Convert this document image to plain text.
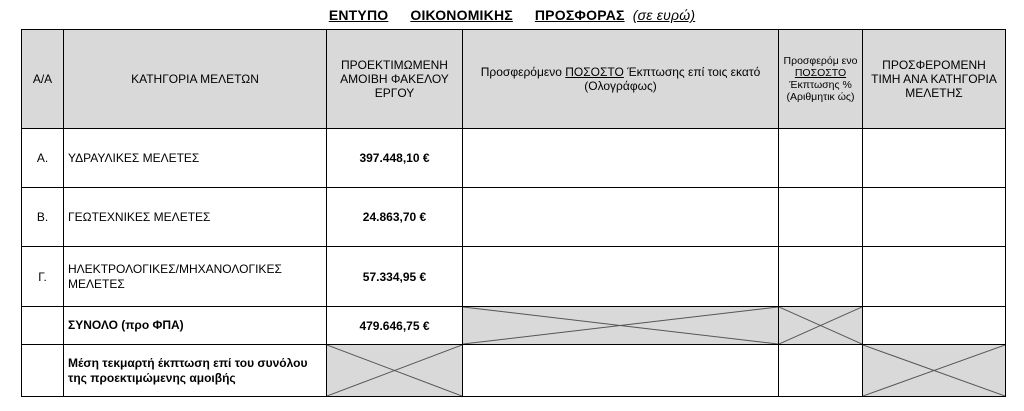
ΕΝΤΥΠΟ ΟΙΚΟΝΟΜΙΚΗΣ ΠΡΟΣΦΟΡΑΣ (σε ευρώ)
Α/Α	ΚΑΤΗΓΟΡΙΑ ΜΕΛΕΤΩΝ	ΠΡΟΕΚΤΙΜΩΜΕΝΗ ΑΜΟΙΒΗ ΦΑΚΕΛΟΥ ΕΡΓΟΥ	Προσφερόμενο ΠΟΣΟΣΤΟ Έκπτωσης επί τοις εκατό (Ολογράφως)	Προσφερόμ ενο ΠΟΣΟΣΤΟ Έκπτωσης % (Αριθμητικ ώς)	ΠΡΟΣΦΕΡΟΜΕΝΗ ΤΙΜΗ ΑΝΑ ΚΑΤΗΓΟΡΙΑ ΜΕΛΕΤΗΣ
Α.	ΥΔΡΑΥΛΙΚΕΣ ΜΕΛΕΤΕΣ	397.448,10 €			
Β.	ΓΕΩΤΕΧΝΙΚΕΣ ΜΕΛΕΤΕΣ	24.863,70 €			
Γ.	ΗΛΕΚΤΡΟΛΟΓΙΚΕΣ/ΜΗΧΑΝΟΛΟΓΙΚΕΣ ΜΕΛΕΤΕΣ	57.334,95 €			
	ΣΥΝΟΛΟ (προ ΦΠΑ)	479.646,75 €	

	Μέση τεκμαρτή έκπτωση επί του συνόλου της προεκτιμώμενης αμοιβής	
